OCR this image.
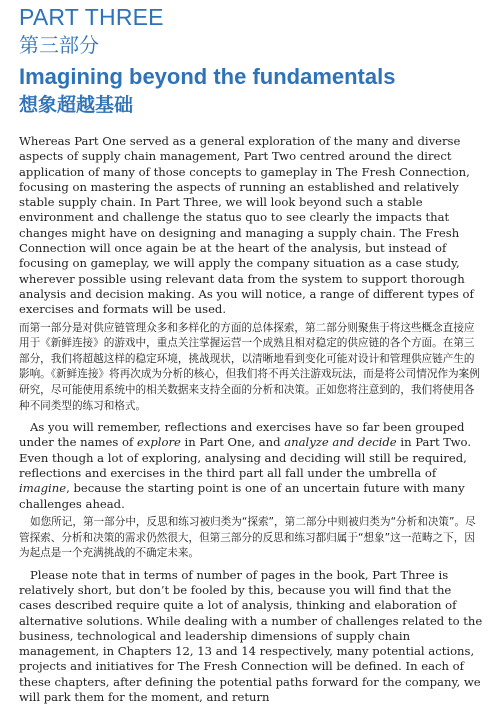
PART THREE
第三部分
Imagining beyond the fundamentals
想象超越基础

Whereas Part One served as a general exploration of the many and diverse aspects of supply chain management, Part Two centred around the direct application of many of those concepts to gameplay in The Fresh Connection, focusing on mastering the aspects of running an established and relatively stable supply chain. In Part Three, we will look beyond such a stable environment and challenge the status quo to see clearly the impacts that changes might have on designing and managing a supply chain. The Fresh Connection will once again be at the heart of the analysis, but instead of focusing on gameplay, we will apply the company situation as a case study, wherever possible using relevant data from the system to support thorough analysis and decision making. As you will notice, a range of different types of exercises and formats will be used.

而第一部分是对供应链管理众多和多样化的方面的总体探索，第二部分则聚焦于将这些概念直接应用于《新鲜连接》的游戏中，重点关注掌握运营一个成熟且相对稳定的供应链的各个方面。在第三部分，我们将超越这样的稳定环境，挑战现状，以清晰地看到变化可能对设计和管理供应链产生的影响。《新鲜连接》将再次成为分析的核心，但我们将不再关注游戏玩法，而是将公司情况作为案例研究，尽可能使用系统中的相关数据来支持全面的分析和决策。正如您将注意到的，我们将使用各种不同类型的练习和格式。

As you will remember, reflections and exercises have so far been grouped under the names of explore in Part One, and analyze and decide in Part Two. Even though a lot of exploring, analysing and deciding will still be required, reflections and exercises in the third part all fall under the umbrella of imagine, because the starting point is one of an uncertain future with many challenges ahead.

如您所记，第一部分中，反思和练习被归类为“探索”，第二部分中则被归类为“分析和决策”。尽管探索、分析和决策的需求仍然很大，但第三部分的反思和练习都归属于“想象”这一范畴之下，因为起点是一个充满挑战的不确定未来。

Please note that in terms of number of pages in the book, Part Three is relatively short, but don’t be fooled by this, because you will find that the cases described require quite a lot of analysis, thinking and elaboration of alternative solutions. While dealing with a number of challenges related to the business, technological and leadership dimensions of supply chain management, in Chapters 12, 13 and 14 respectively, many potential actions, projects and initiatives for The Fresh Connection will be defined. In each of these chapters, after defining the potential paths forward for the company, we will park them for the moment, and return
